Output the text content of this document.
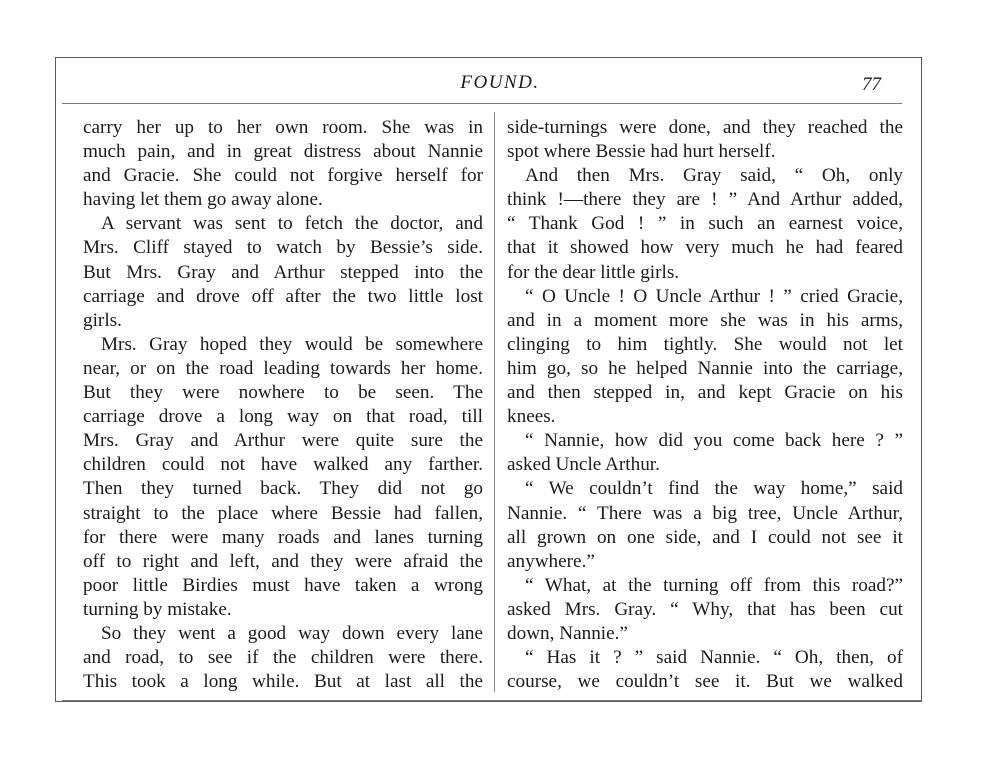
FOUND.	77
carry her up to her own room. She was in
much pain, and in great distress about Nannie
and Gracie. She could not forgive herself for
having let them go away alone.
A servant was sent to fetch the doctor, and
Mrs. Cliff stayed to watch by Bessie’s side.
But Mrs. Gray and Arthur stepped into the
carriage and drove off after the two little lost
girls.
Mrs. Gray hoped they would be somewhere
near, or on the road leading towards her home.
But they were nowhere to be seen. The
carriage drove a long way on that road, till
Mrs. Gray and Arthur were quite sure the
children could not have walked any farther.
Then they turned back. They did not go
straight to the place where Bessie had fallen,
for there were many roads and lanes turning
off to right and left, and they were afraid the
poor little Birdies must have taken a wrong
turning by mistake.
So they went a good way down every lane
and road, to see if the children were there.
This took a long while. But at last all the
side-turnings were done, and they reached the
spot where Bessie had hurt herself.
And then Mrs. Gray said, “ Oh, only
think !—there they are ! ” And Arthur added,
“ Thank God ! ” in such an earnest voice,
that it showed how very much he had feared
for the dear little girls.
“ O Uncle ! O Uncle Arthur ! ” cried Gracie,
and in a moment more she was in his arms,
clinging to him tightly. She would not let
him go, so he helped Nannie into the carriage,
and then stepped in, and kept Gracie on his
knees.
“ Nannie, how did you come back here ? ”
asked Uncle Arthur.
“ We couldn’t find the way home,” said
Nannie. “ There was a big tree, Uncle Arthur,
all grown on one side, and I could not see it
anywhere.”
“ What, at the turning off from this road?”
asked Mrs. Gray. “ Why, that has been cut
down, Nannie.”
“ Has it ? ” said Nannie. “ Oh, then, of
course, we couldn’t see it. But we walked
